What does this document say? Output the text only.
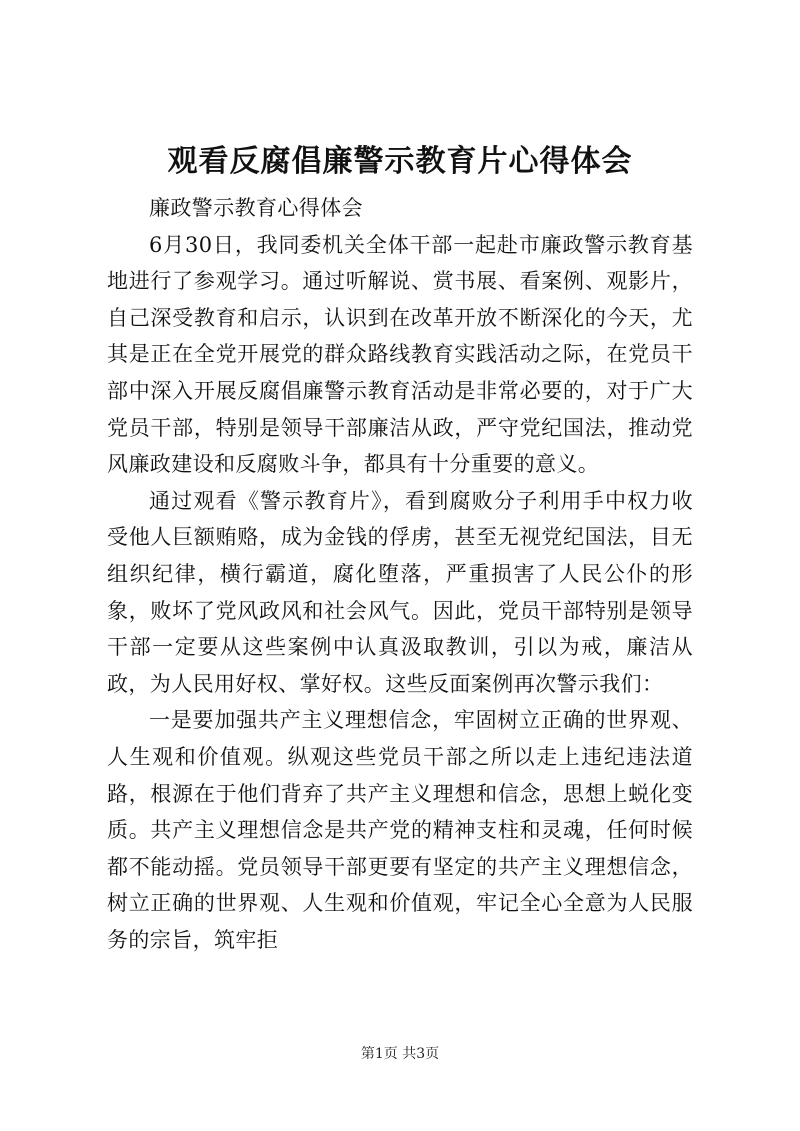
观看反腐倡廉警示教育片心得体会

廉政警示教育心得体会

6月30日，我同委机关全体干部一起赴市廉政警示教育基地进行了参观学习。通过听解说、赏书展、看案例、观影片，自己深受教育和启示，认识到在改革开放不断深化的今天，尤其是正在全党开展党的群众路线教育实践活动之际，在党员干部中深入开展反腐倡廉警示教育活动是非常必要的，对于广大党员干部，特别是领导干部廉洁从政，严守党纪国法，推动党风廉政建设和反腐败斗争，都具有十分重要的意义。

通过观看《警示教育片》，看到腐败分子利用手中权力收受他人巨额贿赂，成为金钱的俘虏，甚至无视党纪国法，目无组织纪律，横行霸道，腐化堕落，严重损害了人民公仆的形象，败坏了党风政风和社会风气。因此，党员干部特别是领导干部一定要从这些案例中认真汲取教训，引以为戒，廉洁从政，为人民用好权、掌好权。这些反面案例再次警示我们：

一是要加强共产主义理想信念，牢固树立正确的世界观、人生观和价值观。纵观这些党员干部之所以走上违纪违法道路，根源在于他们背弃了共产主义理想和信念，思想上蜕化变质。共产主义理想信念是共产党的精神支柱和灵魂，任何时候都不能动摇。党员领导干部更要有坚定的共产主义理想信念，树立正确的世界观、人生观和价值观，牢记全心全意为人民服务的宗旨，筑牢拒

第1页 共3页
